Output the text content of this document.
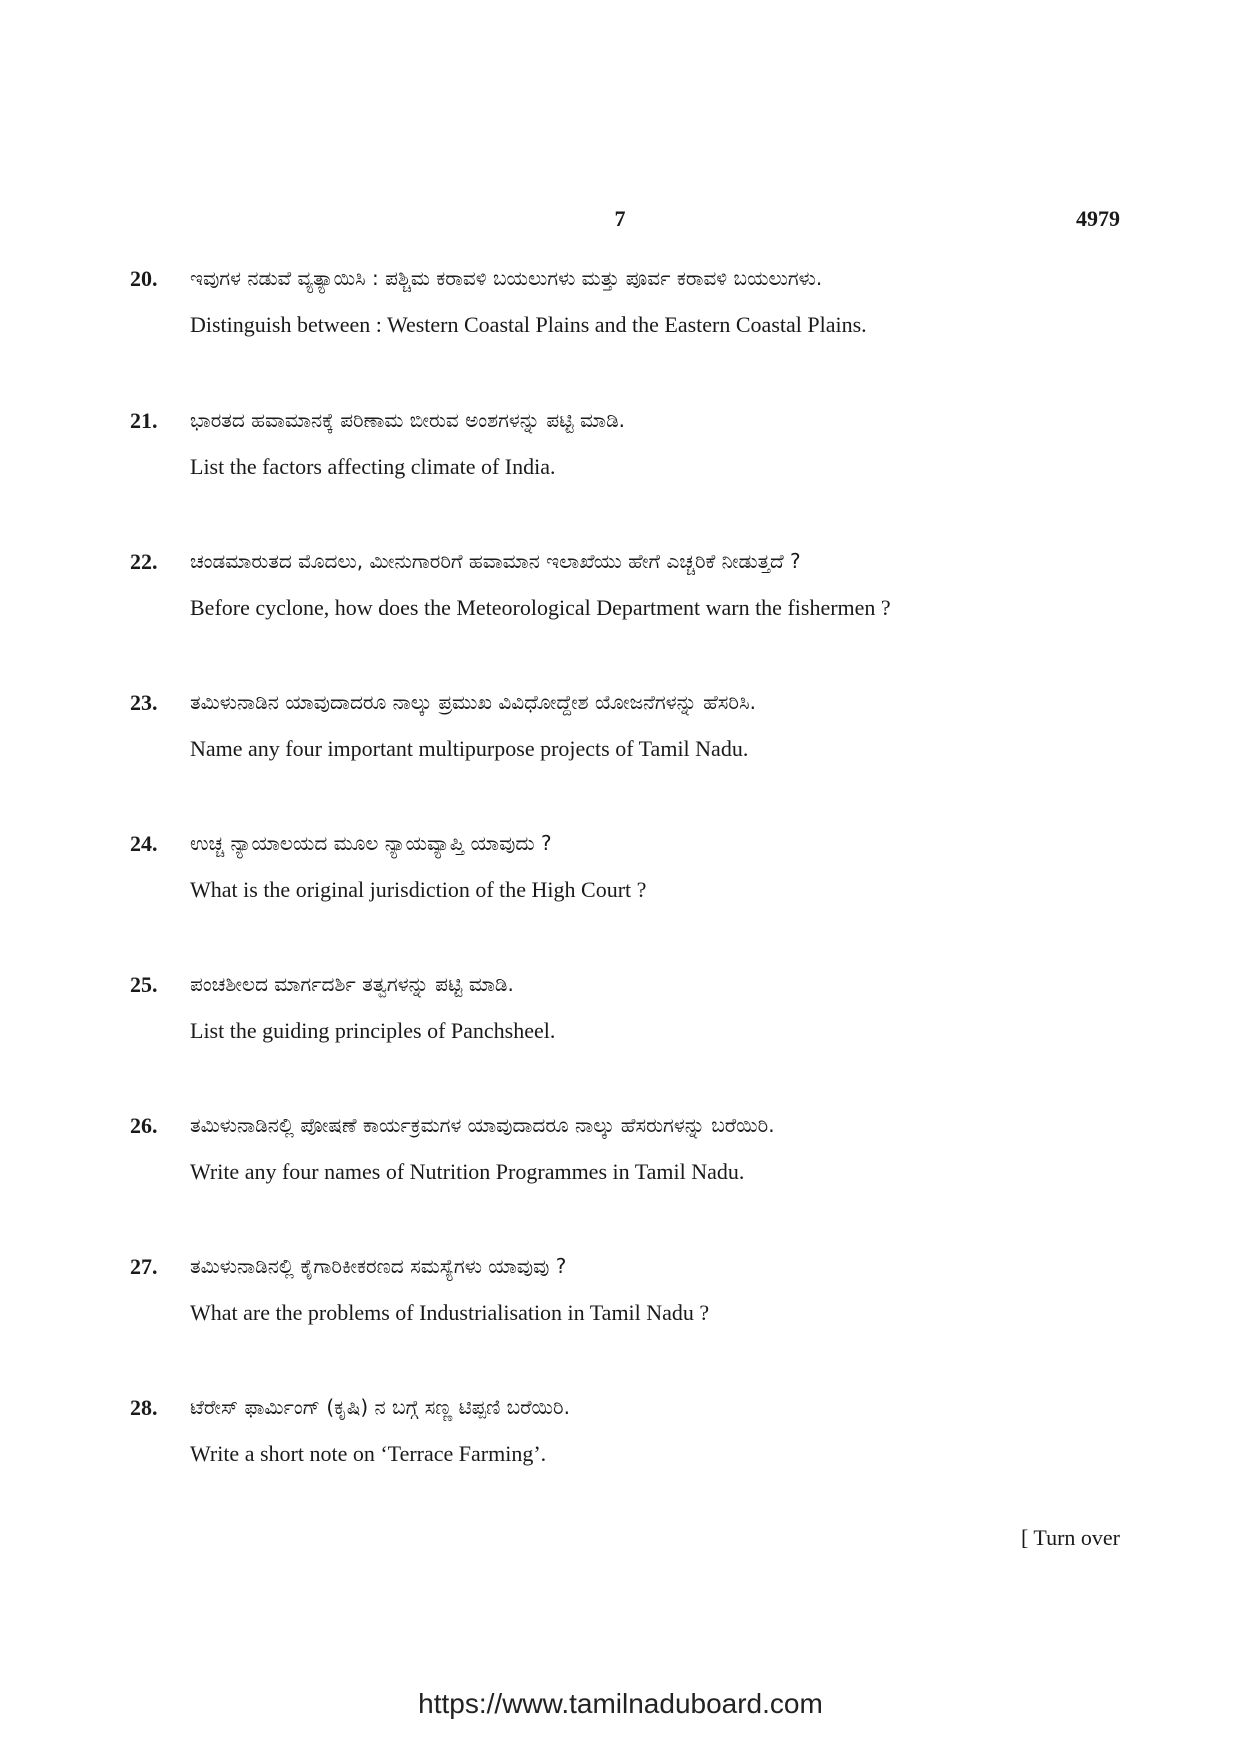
7	4979
20. ಇವುಗಳ ನಡುವೆ ವ್ಯತ್ಯಾಯಿಸಿ : ಪಶ್ಚಿಮ ಕರಾವಳಿ ಬಯಲುಗಳು ಮತ್ತು ಪೂರ್ವ ಕರಾವಳಿ ಬಯಲುಗಳು.
Distinguish between : Western Coastal Plains and the Eastern Coastal Plains.
21. ಭಾರತದ ಹವಾಮಾನಕ್ಕೆ ಪರಿಣಾಮ ಬೀರುವ ಅಂಶಗಳನ್ನು ಪಟ್ಟಿ ಮಾಡಿ.
List the factors affecting climate of India.
22. ಚಂಡಮಾರುತದ ಮೊದಲು, ಮೀನುಗಾರರಿಗೆ ಹವಾಮಾನ ಇಲಾಖೆಯು ಹೇಗೆ ಎಚ್ಚರಿಕೆ ನೀಡುತ್ತದೆ ?
Before cyclone, how does the Meteorological Department warn the fishermen ?
23. ತಮಿಳುನಾಡಿನ ಯಾವುದಾದರೂ ನಾಲ್ಕು ಪ್ರಮುಖ ವಿವಿಧೋದ್ದೇಶ ಯೋಜನೆಗಳನ್ನು ಹೆಸರಿಸಿ.
Name any four important multipurpose projects of Tamil Nadu.
24. ಉಚ್ಚ ನ್ಯಾಯಾಲಯದ ಮೂಲ ನ್ಯಾಯವ್ಯಾಪ್ತಿ ಯಾವುದು ?
What is the original jurisdiction of the High Court ?
25. ಪಂಚಶೀಲದ ಮಾರ್ಗದರ್ಶಿ ತತ್ವಗಳನ್ನು ಪಟ್ಟಿ ಮಾಡಿ.
List the guiding principles of Panchsheel.
26. ತಮಿಳುನಾಡಿನಲ್ಲಿ ಪೋಷಣೆ ಕಾರ್ಯಕ್ರಮಗಳ ಯಾವುದಾದರೂ ನಾಲ್ಕು ಹೆಸರುಗಳನ್ನು ಬರೆಯಿರಿ.
Write any four names of Nutrition Programmes in Tamil Nadu.
27. ತಮಿಳುನಾಡಿನಲ್ಲಿ ಕೈಗಾರಿಕೀಕರಣದ ಸಮಸ್ಯೆಗಳು ಯಾವುವು ?
What are the problems of Industrialisation in Tamil Nadu ?
28. ಟೆರೇಸ್ ಫಾರ್ಮಿಂಗ್ (ಕೃಷಿ) ನ ಬಗ್ಗೆ ಸಣ್ಣ ಟಿಪ್ಪಣಿ ಬರೆಯಿರಿ.
Write a short note on ‘Terrace Farming’.
[ Turn over
https://www.tamilnaduboard.com
